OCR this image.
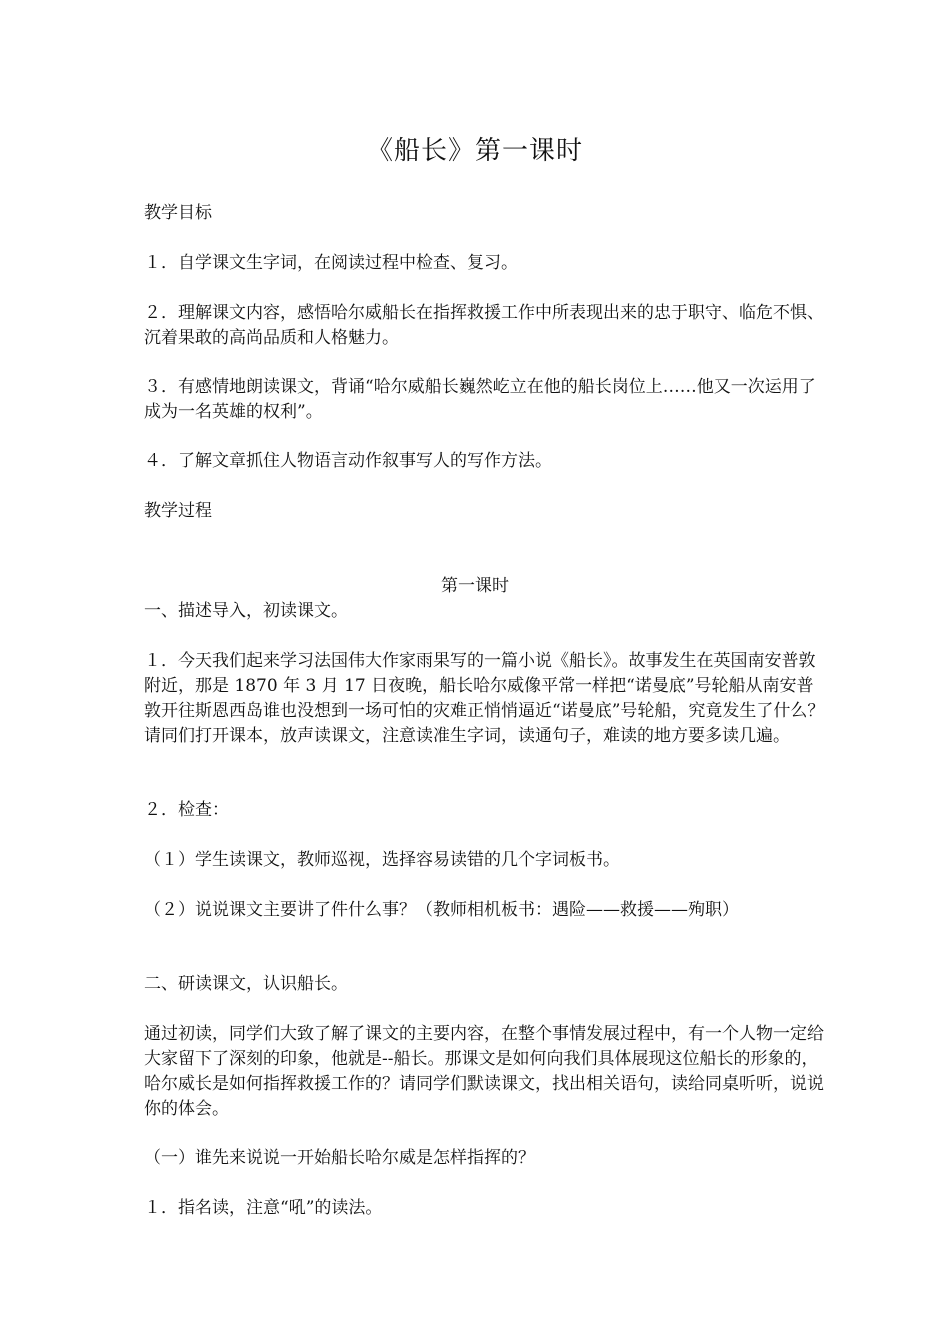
《船长》第一课时
教学目标
１．自学课文生字词，在阅读过程中检查、复习。
２．理解课文内容，感悟哈尔威船长在指挥救援工作中所表现出来的忠于职守、临危不惧、沉着果敢的高尚品质和人格魅力。
３．有感情地朗读课文，背诵“哈尔威船长巍然屹立在他的船长岗位上……他又一次运用了成为一名英雄的权利”。
４．了解文章抓住人物语言动作叙事写人的写作方法。
教学过程
第一课时
一、描述导入，初读课文。
１．今天我们起来学习法国伟大作家雨果写的一篇小说《船长》。故事发生在英国南安普敦附近，那是 1870 年 3 月 17 日夜晚，船长哈尔威像平常一样把“诺曼底”号轮船从南安普敦开往斯恩西岛谁也没想到一场可怕的灾难正悄悄逼近“诺曼底”号轮船，究竟发生了什么？请同们打开课本，放声读课文，注意读准生字词，读通句子，难读的地方要多读几遍。
２．检查：
（１）学生读课文，教师巡视，选择容易读错的几个字词板书。
（２）说说课文主要讲了件什么事？（教师相机板书：遇险——救援——殉职）
二、研读课文，认识船长。
通过初读，同学们大致了解了课文的主要内容，在整个事情发展过程中，有一个人物一定给大家留下了深刻的印象，他就是--船长。那课文是如何向我们具体展现这位船长的形象的，哈尔威长是如何指挥救援工作的？请同学们默读课文，找出相关语句，读给同桌听听，说说你的体会。
（一）谁先来说说一开始船长哈尔威是怎样指挥的？
１．指名读，注意“吼”的读法。
